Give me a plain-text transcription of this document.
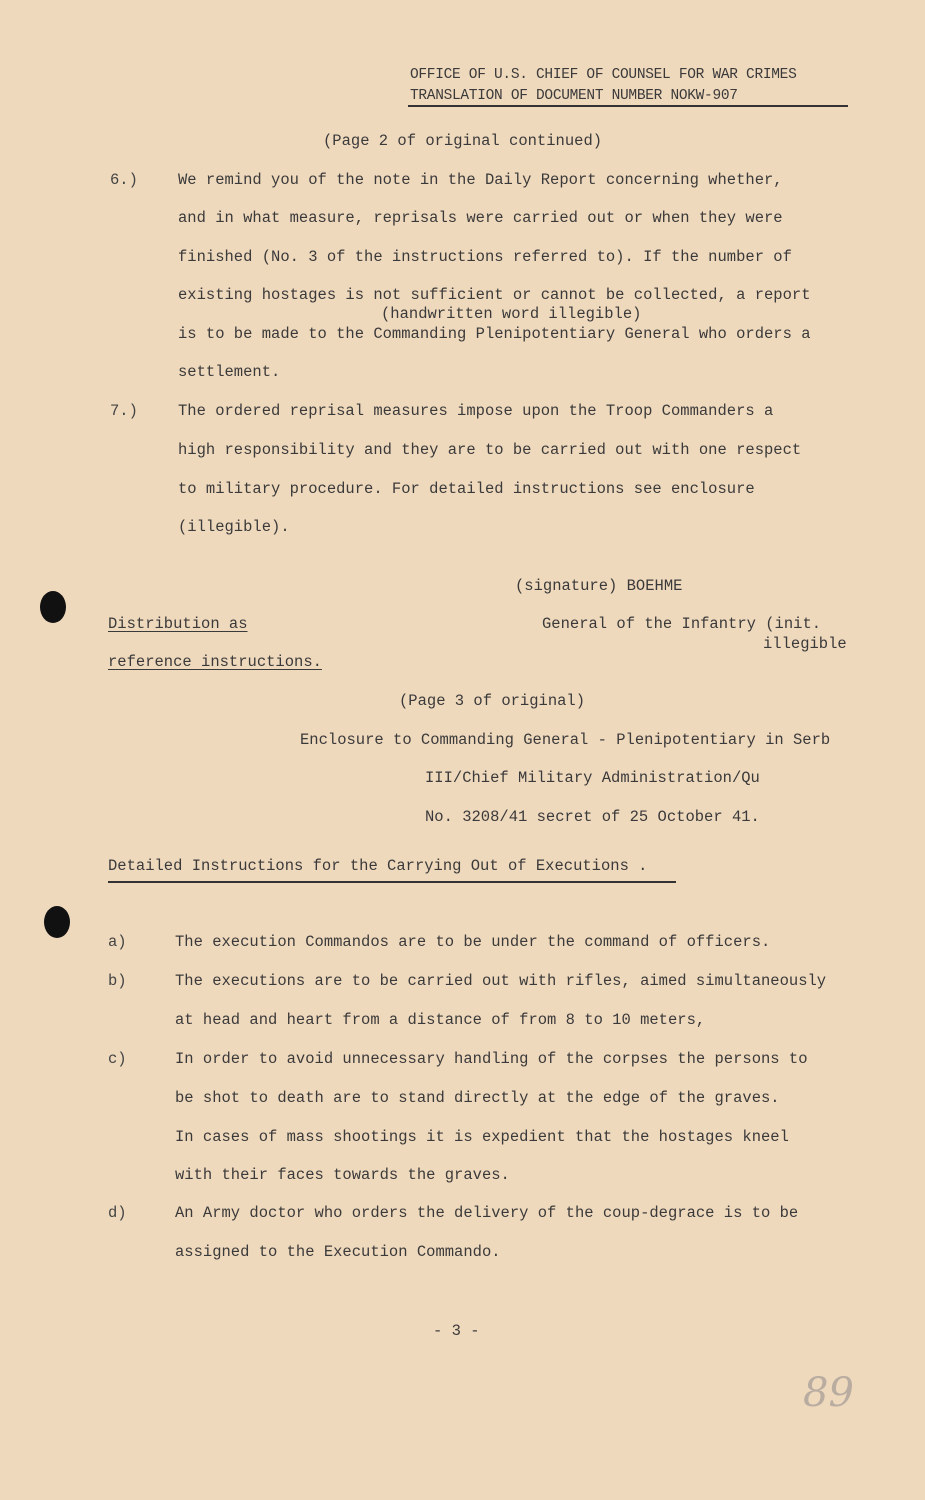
OFFICE OF U.S. CHIEF OF COUNSEL FOR WAR CRIMES
TRANSLATION OF DOCUMENT NUMBER NOKW-907
(Page 2 of original continued)
6.)	We remind you of the note in the Daily Report concerning whether,
and in what measure, reprisals were carried out or when they were
finished (No. 3 of the instructions referred to). If the number of
existing hostages is not sufficient or cannot be collected, a report
(handwritten word illegible)
is to be made to the Commanding Plenipotentiary General who orders a
settlement.
7.)	The ordered reprisal measures impose upon the Troop Commanders a
high responsibility and they are to be carried out with one respect
to military procedure. For detailed instructions see enclosure
(illegible).
(signature) BOEHME
Distribution as	General of the Infantry (init.
illegible
reference instructions.
(Page 3 of original)
Enclosure to Commanding General - Plenipotentiary in Serb
III/Chief Military Administration/Qu
No. 3208/41 secret of 25 October 41.
Detailed Instructions for the Carrying Out of Executions .
a)	The execution Commandos are to be under the command of officers.
b)	The executions are to be carried out with rifles, aimed simultaneously
at head and heart from a distance of from 8 to 10 meters,
c)	In order to avoid unnecessary handling of the corpses the persons to
be shot to death are to stand directly at the edge of the graves.
In cases of mass shootings it is expedient that the hostages kneel
with their faces towards the graves.
d)	An Army doctor who orders the delivery of the coup-degrace is to be
assigned to the Execution Commando.
- 3 -
89
